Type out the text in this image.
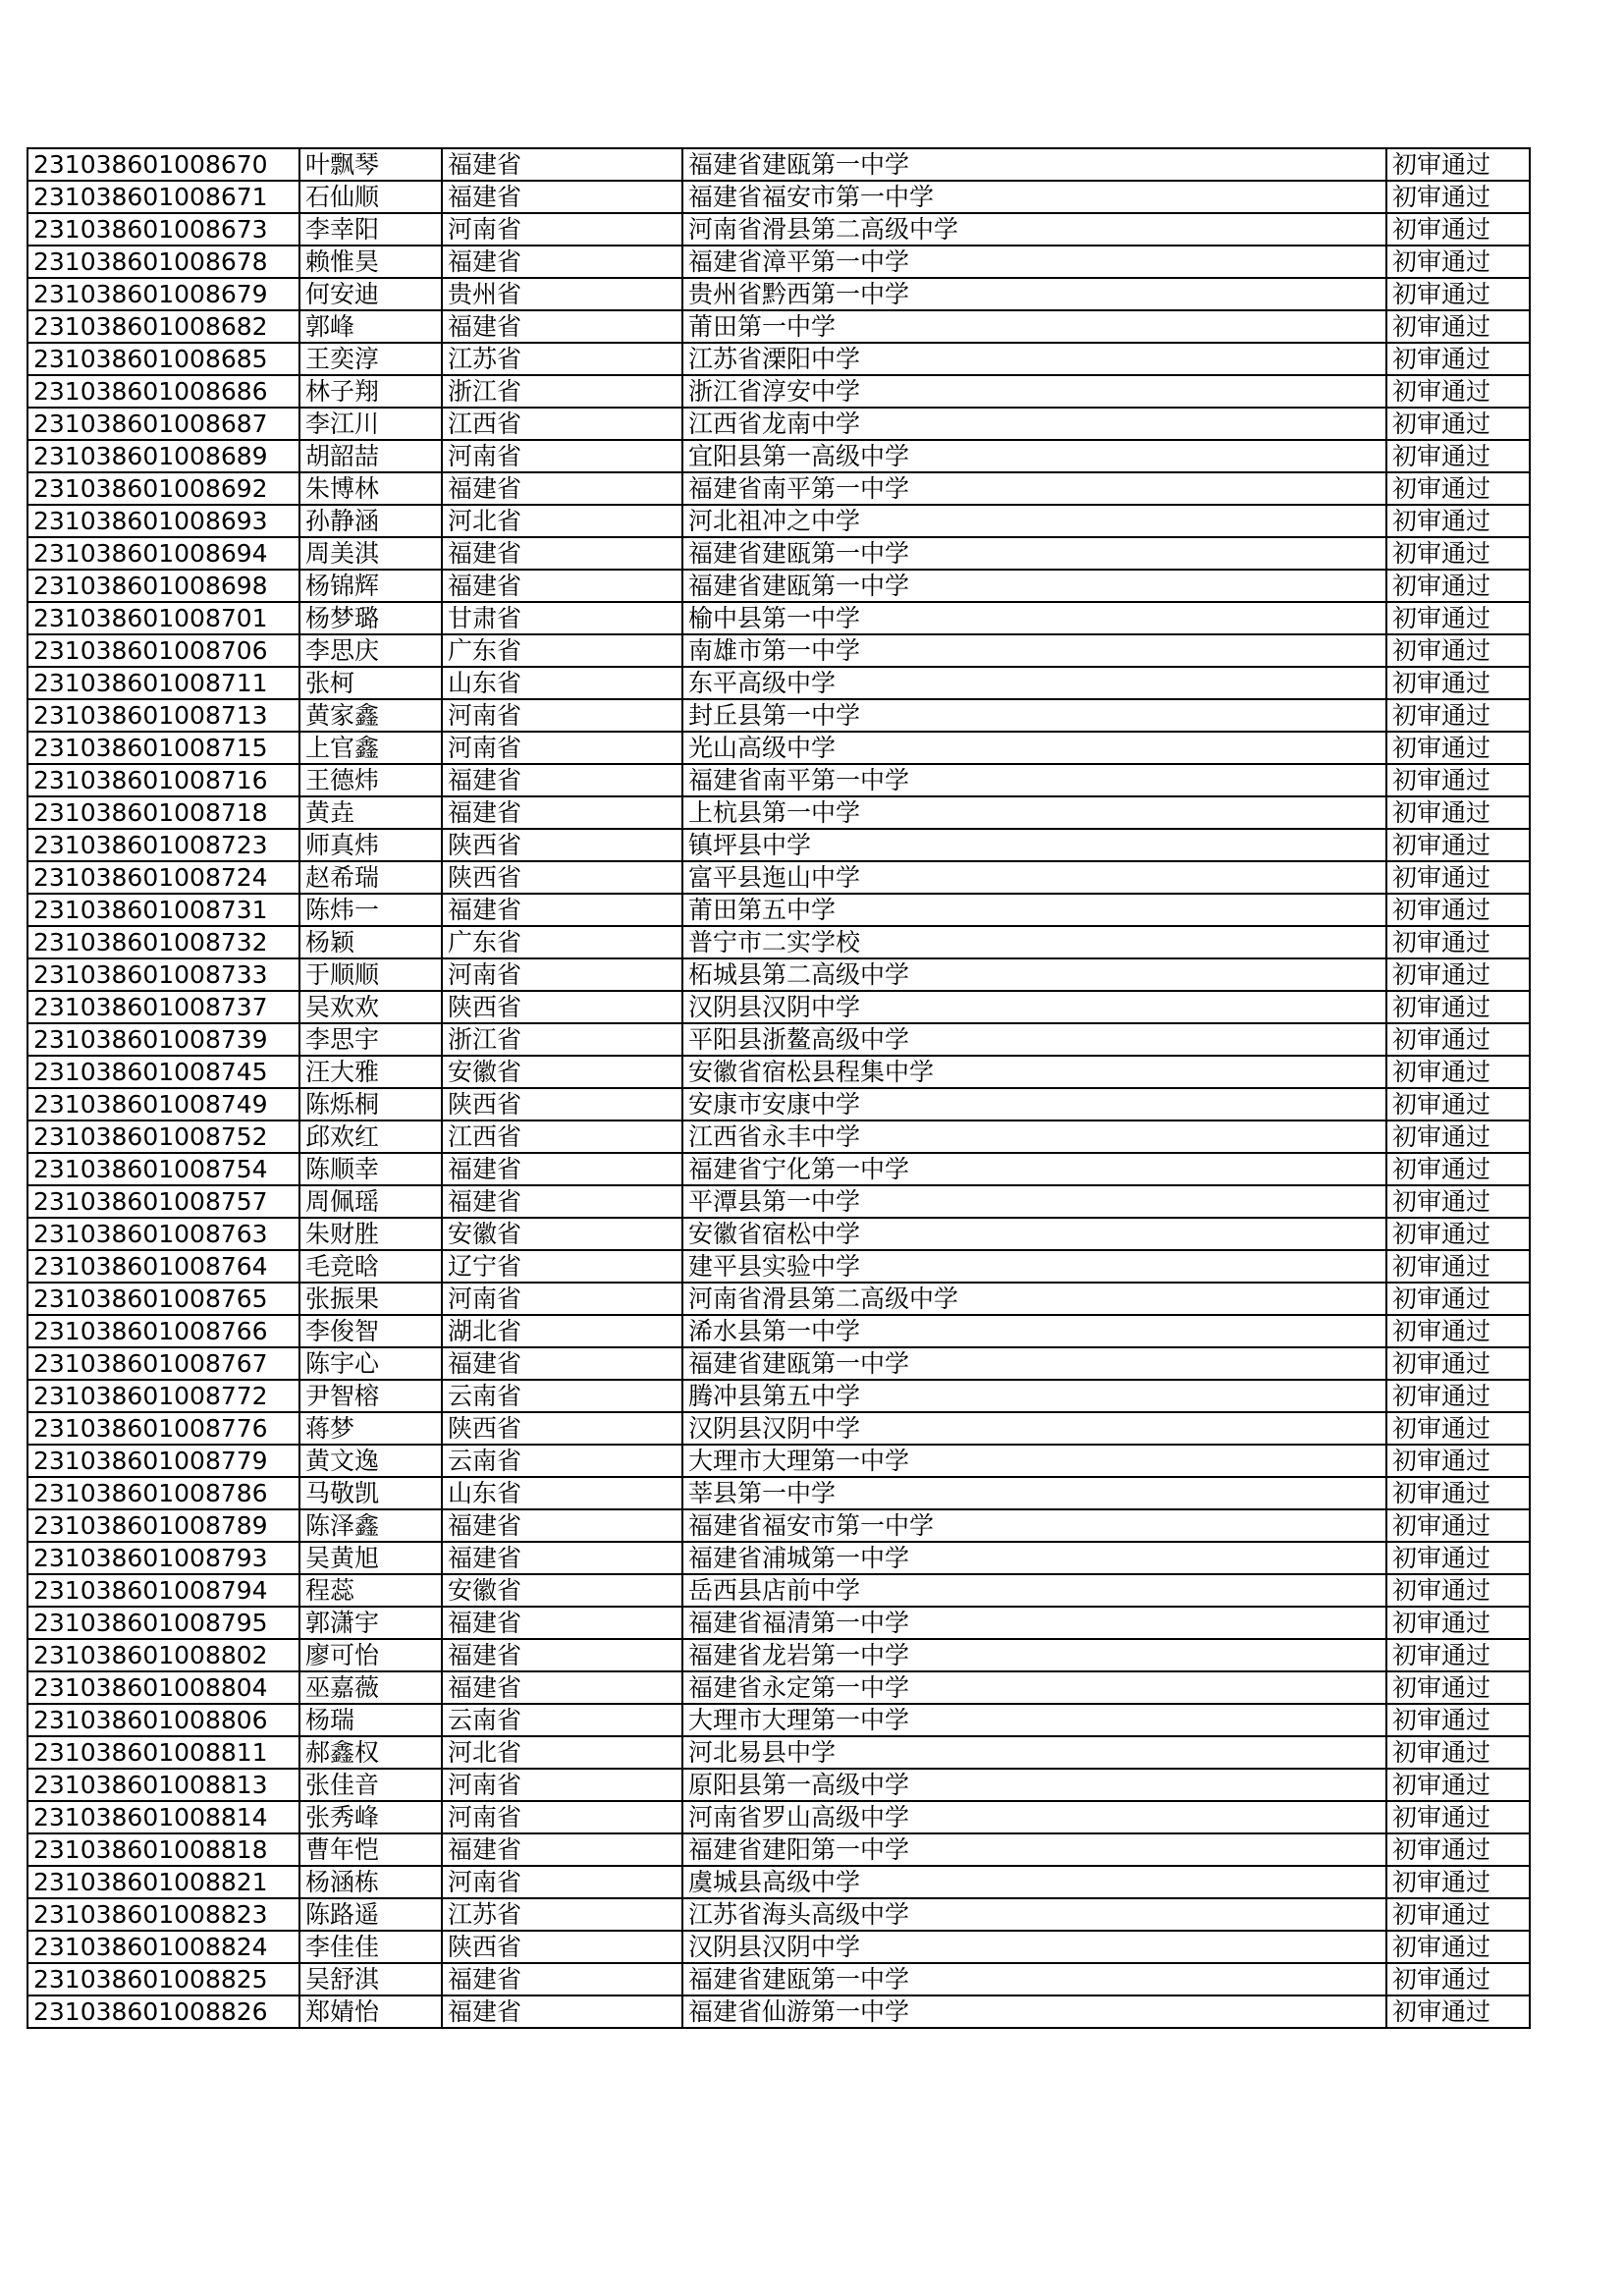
231038601008670	叶飘琴	福建省	福建省建瓯第一中学	初审通过
231038601008671	石仙顺	福建省	福建省福安市第一中学	初审通过
231038601008673	李幸阳	河南省	河南省滑县第二高级中学	初审通过
231038601008678	赖惟昊	福建省	福建省漳平第一中学	初审通过
231038601008679	何安迪	贵州省	贵州省黔西第一中学	初审通过
231038601008682	郭峰	福建省	莆田第一中学	初审通过
231038601008685	王奕淳	江苏省	江苏省溧阳中学	初审通过
231038601008686	林子翔	浙江省	浙江省淳安中学	初审通过
231038601008687	李江川	江西省	江西省龙南中学	初审通过
231038601008689	胡韶喆	河南省	宜阳县第一高级中学	初审通过
231038601008692	朱博林	福建省	福建省南平第一中学	初审通过
231038601008693	孙静涵	河北省	河北祖冲之中学	初审通过
231038601008694	周美淇	福建省	福建省建瓯第一中学	初审通过
231038601008698	杨锦辉	福建省	福建省建瓯第一中学	初审通过
231038601008701	杨梦璐	甘肃省	榆中县第一中学	初审通过
231038601008706	李思庆	广东省	南雄市第一中学	初审通过
231038601008711	张柯	山东省	东平高级中学	初审通过
231038601008713	黄家鑫	河南省	封丘县第一中学	初审通过
231038601008715	上官鑫	河南省	光山高级中学	初审通过
231038601008716	王德炜	福建省	福建省南平第一中学	初审通过
231038601008718	黄垚	福建省	上杭县第一中学	初审通过
231038601008723	师真炜	陕西省	镇坪县中学	初审通过
231038601008724	赵希瑞	陕西省	富平县迤山中学	初审通过
231038601008731	陈炜一	福建省	莆田第五中学	初审通过
231038601008732	杨颖	广东省	普宁市二实学校	初审通过
231038601008733	于顺顺	河南省	柘城县第二高级中学	初审通过
231038601008737	吴欢欢	陕西省	汉阴县汉阴中学	初审通过
231038601008739	李思宇	浙江省	平阳县浙鳌高级中学	初审通过
231038601008745	汪大雅	安徽省	安徽省宿松县程集中学	初审通过
231038601008749	陈烁桐	陕西省	安康市安康中学	初审通过
231038601008752	邱欢红	江西省	江西省永丰中学	初审通过
231038601008754	陈顺幸	福建省	福建省宁化第一中学	初审通过
231038601008757	周佩瑶	福建省	平潭县第一中学	初审通过
231038601008763	朱财胜	安徽省	安徽省宿松中学	初审通过
231038601008764	毛竞晗	辽宁省	建平县实验中学	初审通过
231038601008765	张振果	河南省	河南省滑县第二高级中学	初审通过
231038601008766	李俊智	湖北省	浠水县第一中学	初审通过
231038601008767	陈宇心	福建省	福建省建瓯第一中学	初审通过
231038601008772	尹智榕	云南省	腾冲县第五中学	初审通过
231038601008776	蒋梦	陕西省	汉阴县汉阴中学	初审通过
231038601008779	黄文逸	云南省	大理市大理第一中学	初审通过
231038601008786	马敬凯	山东省	莘县第一中学	初审通过
231038601008789	陈泽鑫	福建省	福建省福安市第一中学	初审通过
231038601008793	吴黄旭	福建省	福建省浦城第一中学	初审通过
231038601008794	程蕊	安徽省	岳西县店前中学	初审通过
231038601008795	郭潇宇	福建省	福建省福清第一中学	初审通过
231038601008802	廖可怡	福建省	福建省龙岩第一中学	初审通过
231038601008804	巫嘉薇	福建省	福建省永定第一中学	初审通过
231038601008806	杨瑞	云南省	大理市大理第一中学	初审通过
231038601008811	郝鑫权	河北省	河北易县中学	初审通过
231038601008813	张佳音	河南省	原阳县第一高级中学	初审通过
231038601008814	张秀峰	河南省	河南省罗山高级中学	初审通过
231038601008818	曹年恺	福建省	福建省建阳第一中学	初审通过
231038601008821	杨涵栋	河南省	虞城县高级中学	初审通过
231038601008823	陈路遥	江苏省	江苏省海头高级中学	初审通过
231038601008824	李佳佳	陕西省	汉阴县汉阴中学	初审通过
231038601008825	吴舒淇	福建省	福建省建瓯第一中学	初审通过
231038601008826	郑婧怡	福建省	福建省仙游第一中学	初审通过
